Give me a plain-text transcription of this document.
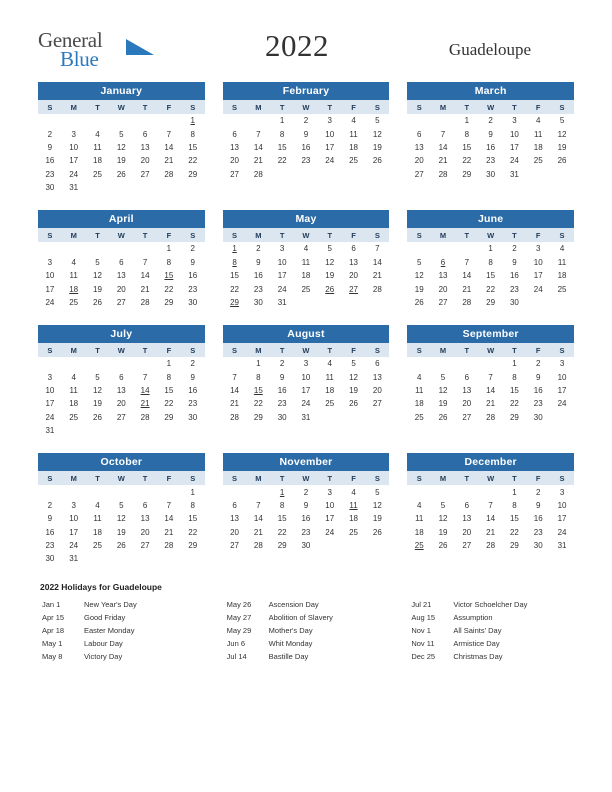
General
Blue	2022	Guadeloupe
January
S	M	T	W	T	F	S
						1
2	3	4	5	6	7	8
9	10	11	12	13	14	15
16	17	18	19	20	21	22
23	24	25	26	27	28	29
30	31					
February
S	M	T	W	T	F	S
		1	2	3	4	5
6	7	8	9	10	11	12
13	14	15	16	17	18	19
20	21	22	23	24	25	26
27	28					
March
S	M	T	W	T	F	S
		1	2	3	4	5
6	7	8	9	10	11	12
13	14	15	16	17	18	19
20	21	22	23	24	25	26
27	28	29	30	31		
April
S	M	T	W	T	F	S
					1	2
3	4	5	6	7	8	9
10	11	12	13	14	15	16
17	18	19	20	21	22	23
24	25	26	27	28	29	30
May
S	M	T	W	T	F	S
1	2	3	4	5	6	7
8	9	10	11	12	13	14
15	16	17	18	19	20	21
22	23	24	25	26	27	28
29	30	31				
June
S	M	T	W	T	F	S
			1	2	3	4
5	6	7	8	9	10	11
12	13	14	15	16	17	18
19	20	21	22	23	24	25
26	27	28	29	30		
July
S	M	T	W	T	F	S
					1	2
3	4	5	6	7	8	9
10	11	12	13	14	15	16
17	18	19	20	21	22	23
24	25	26	27	28	29	30
31						
August
S	M	T	W	T	F	S
	1	2	3	4	5	6
7	8	9	10	11	12	13
14	15	16	17	18	19	20
21	22	23	24	25	26	27
28	29	30	31			
September
S	M	T	W	T	F	S
				1	2	3
4	5	6	7	8	9	10
11	12	13	14	15	16	17
18	19	20	21	22	23	24
25	26	27	28	29	30	
October
S	M	T	W	T	F	S
						1
2	3	4	5	6	7	8
9	10	11	12	13	14	15
16	17	18	19	20	21	22
23	24	25	26	27	28	29
30	31					
November
S	M	T	W	T	F	S
		1	2	3	4	5
6	7	8	9	10	11	12
13	14	15	16	17	18	19
20	21	22	23	24	25	26
27	28	29	30			
December
S	M	T	W	T	F	S
				1	2	3
4	5	6	7	8	9	10
11	12	13	14	15	16	17
18	19	20	21	22	23	24
25	26	27	28	29	30	31
2022 Holidays for Guadeloupe
Jan 1	New Year's Day
Apr 15	Good Friday
Apr 18	Easter Monday
May 1	Labour Day
May 8	Victory Day
May 26	Ascension Day
May 27	Abolition of Slavery
May 29	Mother's Day
Jun 6	Whit Monday
Jul 14	Bastille Day
Jul 21	Victor Schoelcher Day
Aug 15	Assumption
Nov 1	All Saints' Day
Nov 11	Armistice Day
Dec 25	Christmas Day
